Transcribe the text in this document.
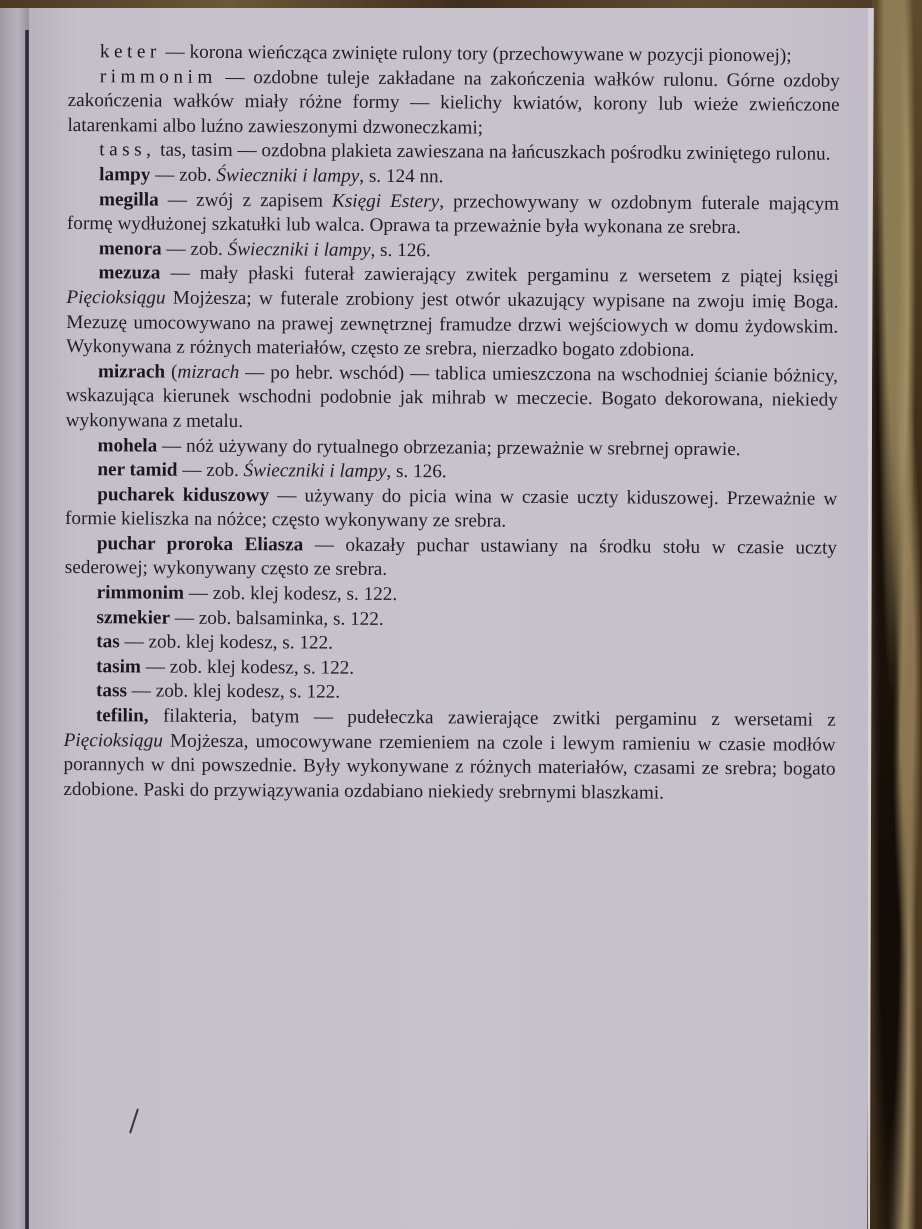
keter — korona wieńcząca zwinięte rulony tory (przechowywane w pozycji pionowej);

rimmonim — ozdobne tuleje zakładane na zakończenia wałków rulonu. Górne ozdoby zakończenia wałków miały różne formy — kielichy kwiatów, korony lub wieże zwieńczone latarenkami albo luźno zawieszonymi dzwoneczkami;

tass, tas, tasim — ozdobna plakieta zawieszana na łańcuszkach pośrodku zwiniętego rulonu.

lampy — zob. Świeczniki i lampy, s. 124 nn.

megilla — zwój z zapisem Księgi Estery, przechowywany w ozdobnym futerale mającym formę wydłużonej szkatułki lub walca. Oprawa ta przeważnie była wykonana ze srebra.

menora — zob. Świeczniki i lampy, s. 126.

mezuza — mały płaski futerał zawierający zwitek pergaminu z wersetem z piątej księgi Pięcioksiągu Mojżesza; w futerale zrobiony jest otwór ukazujący wypisane na zwoju imię Boga. Mezuzę umocowywano na prawej zewnętrznej framudze drzwi wejściowych w domu żydowskim. Wykonywana z różnych materiałów, często ze srebra, nierzadko bogato zdobiona.

mizrach (mizrach — po hebr. wschód) — tablica umieszczona na wschodniej ścianie bóżnicy, wskazująca kierunek wschodni podobnie jak mihrab w meczecie. Bogato dekorowana, niekiedy wykonywana z metalu.

mohela — nóż używany do rytualnego obrzezania; przeważnie w srebrnej oprawie.

ner tamid — zob. Świeczniki i lampy, s. 126.

pucharek kiduszowy — używany do picia wina w czasie uczty kiduszowej. Przeważnie w formie kieliszka na nóżce; często wykonywany ze srebra.

puchar proroka Eliasza — okazały puchar ustawiany na środku stołu w czasie uczty sederowej; wykonywany często ze srebra.

rimmonim — zob. klej kodesz, s. 122.

szmekier — zob. balsaminka, s. 122.

tas — zob. klej kodesz, s. 122.

tasim — zob. klej kodesz, s. 122.

tass — zob. klej kodesz, s. 122.

tefilin, filakteria, batym — pudełeczka zawierające zwitki pergaminu z wersetami z Pięcioksiągu Mojżesza, umocowywane rzemieniem na czole i lewym ramieniu w czasie modłów porannych w dni powszednie. Były wykonywane z różnych materiałów, czasami ze srebra; bogato zdobione. Paski do przywiązywania ozdabiano niekiedy srebrnymi blaszkami.
